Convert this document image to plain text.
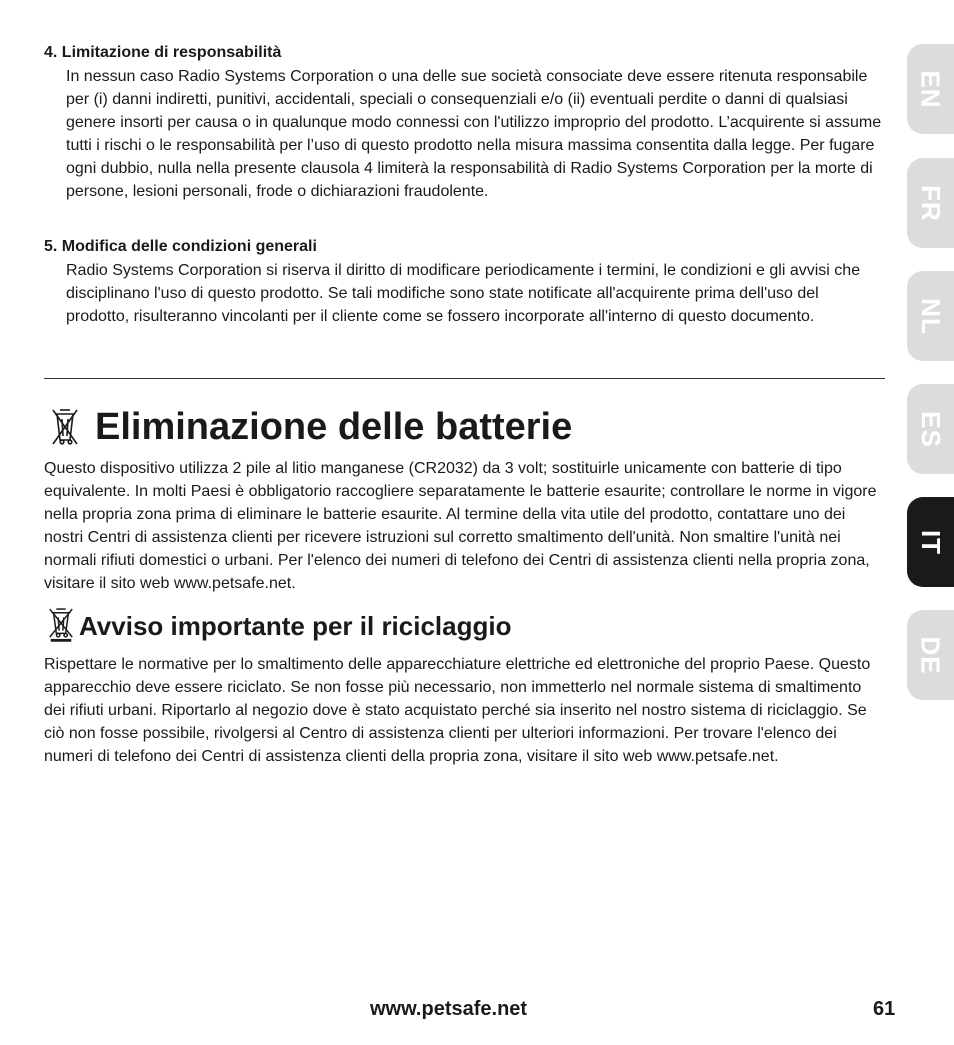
4. Limitazione di responsabilità
In nessun caso Radio Systems Corporation o una delle sue società consociate deve essere ritenuta responsabile per (i) danni indiretti, punitivi, accidentali, speciali o consequenziali e/o (ii) eventuali perdite o danni di qualsiasi genere insorti per causa o in qualunque modo connessi con l'utilizzo improprio del prodotto. L’acquirente si assume tutti i rischi o le responsabilità per l’uso di questo prodotto nella misura massima consentita dalla legge. Per fugare ogni dubbio, nulla nella presente clausola 4 limiterà la responsabilità di Radio Systems Corporation per la morte di persone, lesioni personali, frode o dichiarazioni fraudolente.
5. Modifica delle condizioni generali
Radio Systems Corporation si riserva il diritto di modificare periodicamente i termini, le condizioni e gli avvisi che disciplinano l'uso di questo prodotto. Se tali modifiche sono state notificate all'acquirente prima dell'uso del prodotto, risulteranno vincolanti per il cliente come se fossero incorporate all'interno di questo documento.
Eliminazione delle batterie
Questo dispositivo utilizza 2 pile al litio manganese (CR2032) da 3 volt; sostituirle unicamente con batterie di tipo equivalente. In molti Paesi è obbligatorio raccogliere separatamente le batterie esaurite; controllare le norme in vigore nella propria zona prima di eliminare le batterie esaurite. Al termine della vita utile del prodotto, contattare uno dei nostri Centri di assistenza clienti per ricevere istruzioni sul corretto smaltimento dell'unità. Non smaltire l'unità nei normali rifiuti domestici o urbani. Per l'elenco dei numeri di telefono dei Centri di assistenza clienti nella propria zona, visitare il sito web www.petsafe.net.
Avviso importante per il riciclaggio
Rispettare le normative per lo smaltimento delle apparecchiature elettriche ed elettroniche del proprio Paese. Questo apparecchio deve essere riciclato. Se non fosse più necessario, non immetterlo nel normale sistema di smaltimento dei rifiuti urbani. Riportarlo al negozio dove è stato acquistato perché sia inserito nel nostro sistema di riciclaggio. Se ciò non fosse possibile, rivolgersi al Centro di assistenza clienti per ulteriori informazioni. Per trovare l'elenco dei numeri di telefono dei Centri di assistenza clienti della propria zona, visitare il sito web www.petsafe.net.
EN
FR
NL
ES
IT
DE
www.petsafe.net	61
